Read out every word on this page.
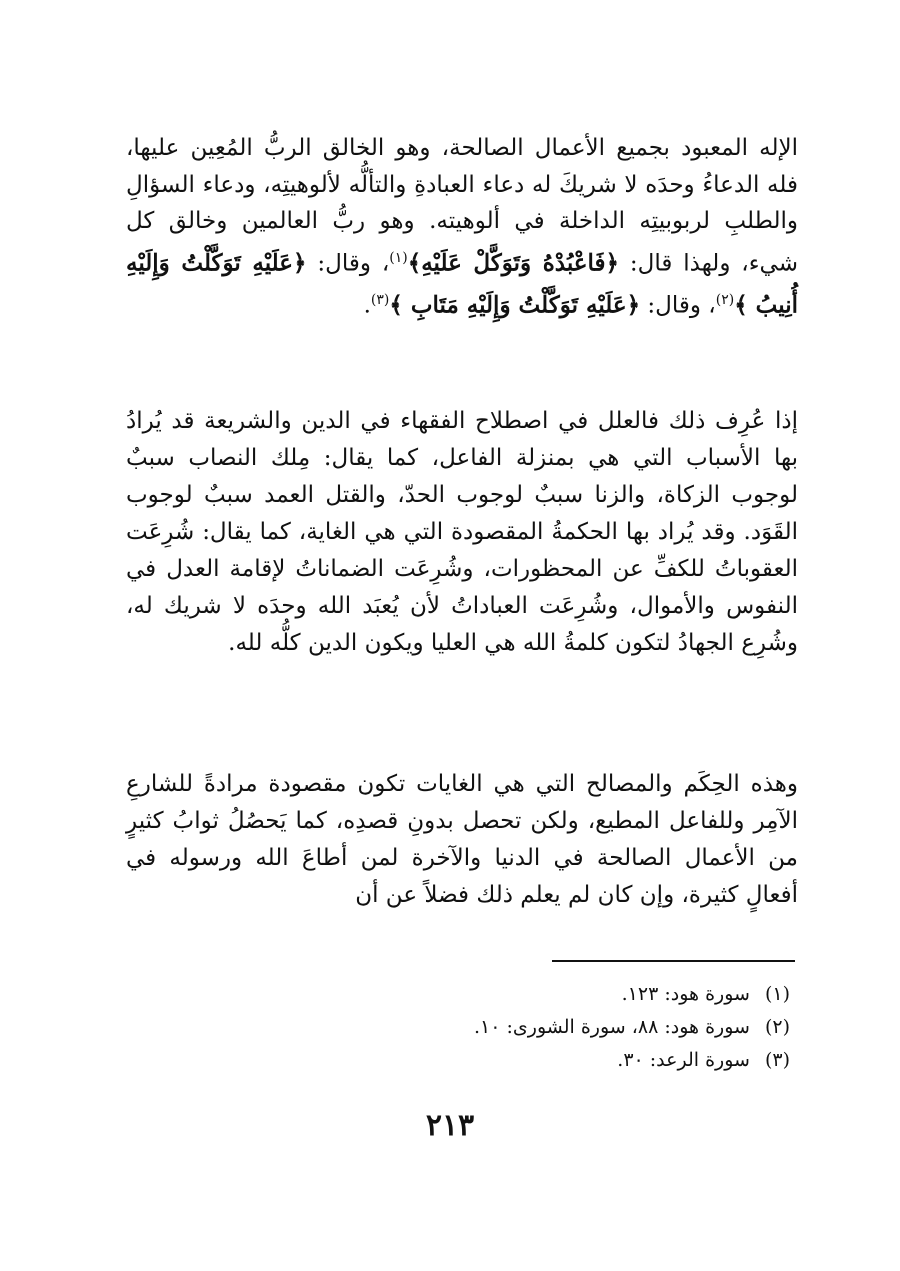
الإله المعبود بجميع الأعمال الصالحة، وهو الخالق الربُّ المُعِين عليها، فله الدعاءُ وحدَه لا شريكَ له دعاء العبادةِ والتألُّه لألوهيتِه، ودعاء السؤالِ والطلبِ لربوبيتِه الداخلة في ألوهيته. وهو ربُّ العالمين وخالق كل شيء، ولهذا قال: ﴿فَاعْبُدْهُ وَتَوَكَّلْ عَلَيْهِ﴾$^{(١)}$، وقال: ﴿عَلَيْهِ تَوَكَّلْتُ وَإِلَيْهِ أُنِيبُ ﴾$^{(٢)}$، وقال: ﴿عَلَيْهِ تَوَكَّلْتُ وَإِلَيْهِ مَتَابِ ﴾$^{(٣)}$.

إذا عُرِف ذلك فالعلل في اصطلاح الفقهاء في الدين والشريعة قد يُرادُ بها الأسباب التي هي بمنزلة الفاعل، كما يقال: مِلك النصاب سببٌ لوجوب الزكاة، والزنا سببٌ لوجوب الحدّ، والقتل العمد سببٌ لوجوب القَوَد. وقد يُراد بها الحكمةُ المقصودة التي هي الغاية، كما يقال: شُرِعَت العقوباتُ للكفِّ عن المحظورات، وشُرِعَت الضماناتُ لإقامة العدل في النفوس والأموال، وشُرِعَت العباداتُ لأن يُعبَد الله وحدَه لا شريك له، وشُرِع الجهادُ لتكون كلمةُ الله هي العليا ويكون الدين كلُّه لله.

وهذه الحِكَم والمصالح التي هي الغايات تكون مقصودة مرادةً للشارعِ الآمِر وللفاعل المطيع، ولكن تحصل بدونِ قصدِه، كما يَحصُلُ ثوابُ كثيرٍ من الأعمال الصالحة في الدنيا والآخرة لمن أطاعَ الله ورسوله في أفعالٍ كثيرة، وإن كان لم يعلم ذلك فضلاً عن أن

(١) سورة هود: ١٢٣.
(٢) سورة هود: ٨٨، سورة الشورى: ١٠.
(٣) سورة الرعد: ٣٠.
٢١٣
